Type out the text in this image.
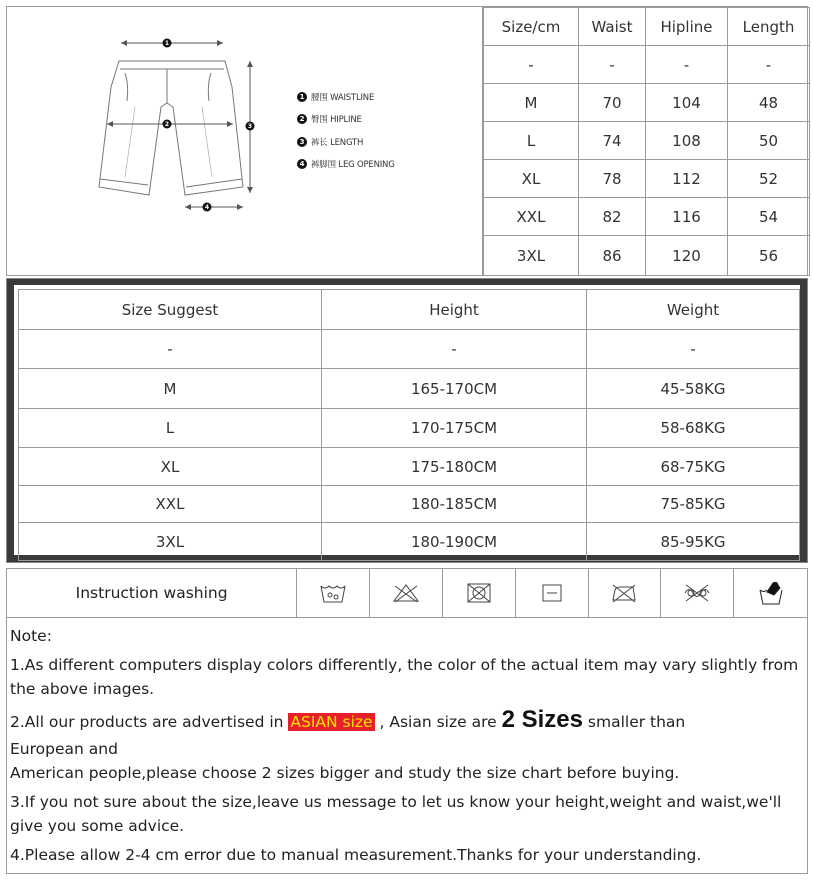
1
2	3
4
1 腰围 WAISTLINE
2 臀围 HIPLINE
3 裤长 LENGTH
4 裤脚围 LEG OPENING
Size/cm	Waist	Hipline	Length
-	-	-	-
M	70	104	48
L	74	108	50
XL	78	112	52
XXL	82	116	54
3XL	86	120	56
Size Suggest	Height	Weight
-	-	-
M	165-170CM	45-58KG
L	170-175CM	58-68KG
XL	175-180CM	68-75KG
XXL	180-185CM	75-85KG
3XL	180-190CM	85-95KG
Instruction washing

Note:

1.As different computers display colors differently, the color of the actual item may vary slightly from the above images.

2.All our products are advertised in ASIAN size , Asian size are 2 Sizes smaller than

European and

American people,please choose 2 sizes bigger and study the size chart before buying.

3.If you not sure about the size,leave us message to let us know your height,weight and waist,we'll give you some advice.

4.Please allow 2-4 cm error due to manual measurement.Thanks for your understanding.
